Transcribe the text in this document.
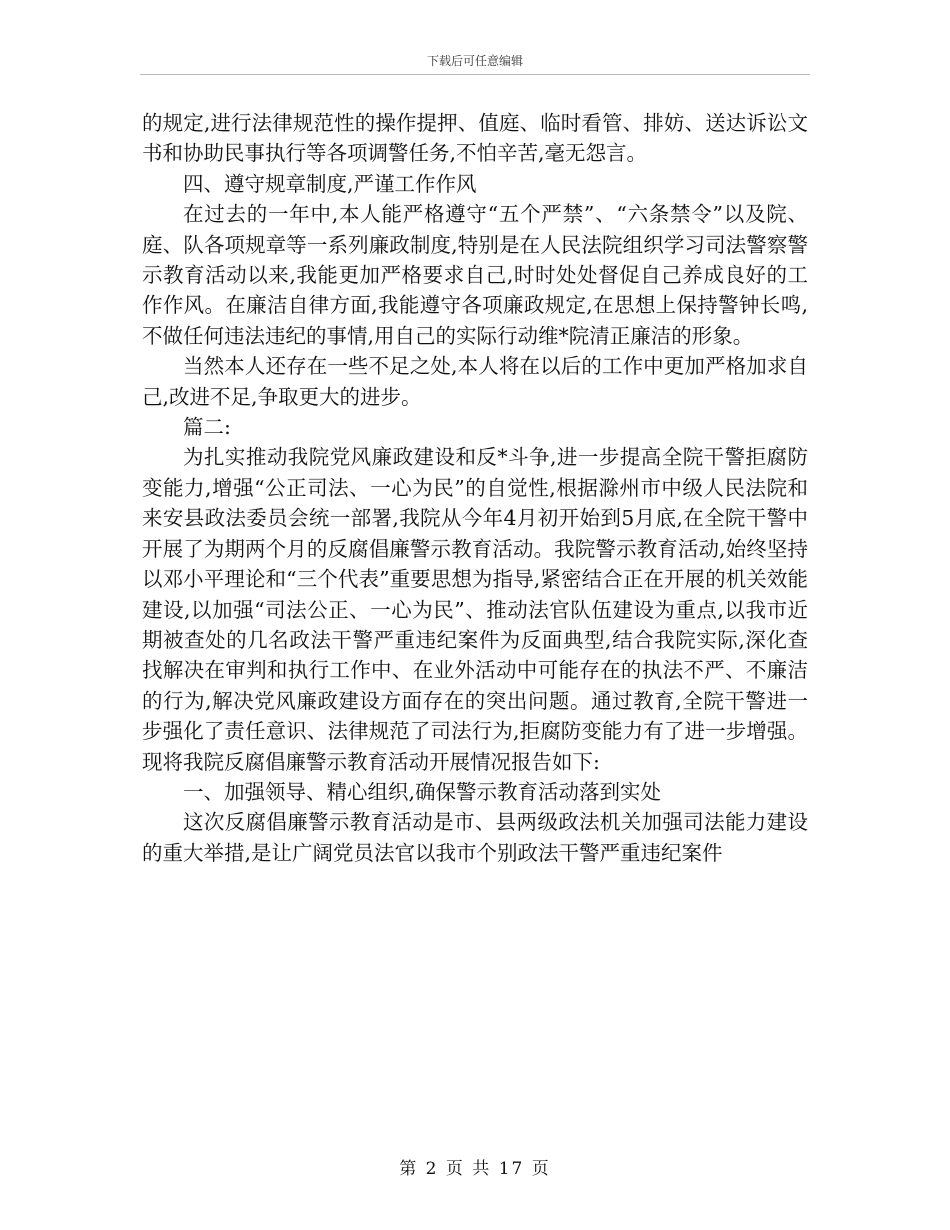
下载后可任意编辑

的规定,进行法律规范性的操作提押、值庭、临时看管、排妨、送达诉讼文书和协助民事执行等各项调警任务,不怕辛苦,毫无怨言。

四、遵守规章制度,严谨工作作风

在过去的一年中,本人能严格遵守“五个严禁”、“六条禁令”以及院、庭、队各项规章等一系列廉政制度,特别是在人民法院组织学习司法警察警示教育活动以来,我能更加严格要求自己,时时处处督促自己养成良好的工作作风。在廉洁自律方面,我能遵守各项廉政规定,在思想上保持警钟长鸣,不做任何违法违纪的事情,用自己的实际行动维*院清正廉洁的形象。

当然本人还存在一些不足之处,本人将在以后的工作中更加严格加求自己,改进不足,争取更大的进步。

篇二:

为扎实推动我院党风廉政建设和反*斗争,进一步提高全院干警拒腐防变能力,增强“公正司法、一心为民”的自觉性,根据滁州市中级人民法院和来安县政法委员会统一部署,我院从今年4月初开始到5月底,在全院干警中开展了为期两个月的反腐倡廉警示教育活动。我院警示教育活动,始终坚持以邓小平理论和“三个代表”重要思想为指导,紧密结合正在开展的机关效能建设,以加强“司法公正、一心为民”、推动法官队伍建设为重点,以我市近期被查处的几名政法干警严重违纪案件为反面典型,结合我院实际,深化查找解决在审判和执行工作中、在业外活动中可能存在的执法不严、不廉洁的行为,解决党风廉政建设方面存在的突出问题。通过教育,全院干警进一步强化了责任意识、法律规范了司法行为,拒腐防变能力有了进一步增强。现将我院反腐倡廉警示教育活动开展情况报告如下:

一、加强领导、精心组织,确保警示教育活动落到实处

这次反腐倡廉警示教育活动是市、县两级政法机关加强司法能力建设的重大举措,是让广阔党员法官以我市个别政法干警严重违纪案件

第 2 页 共 17 页
